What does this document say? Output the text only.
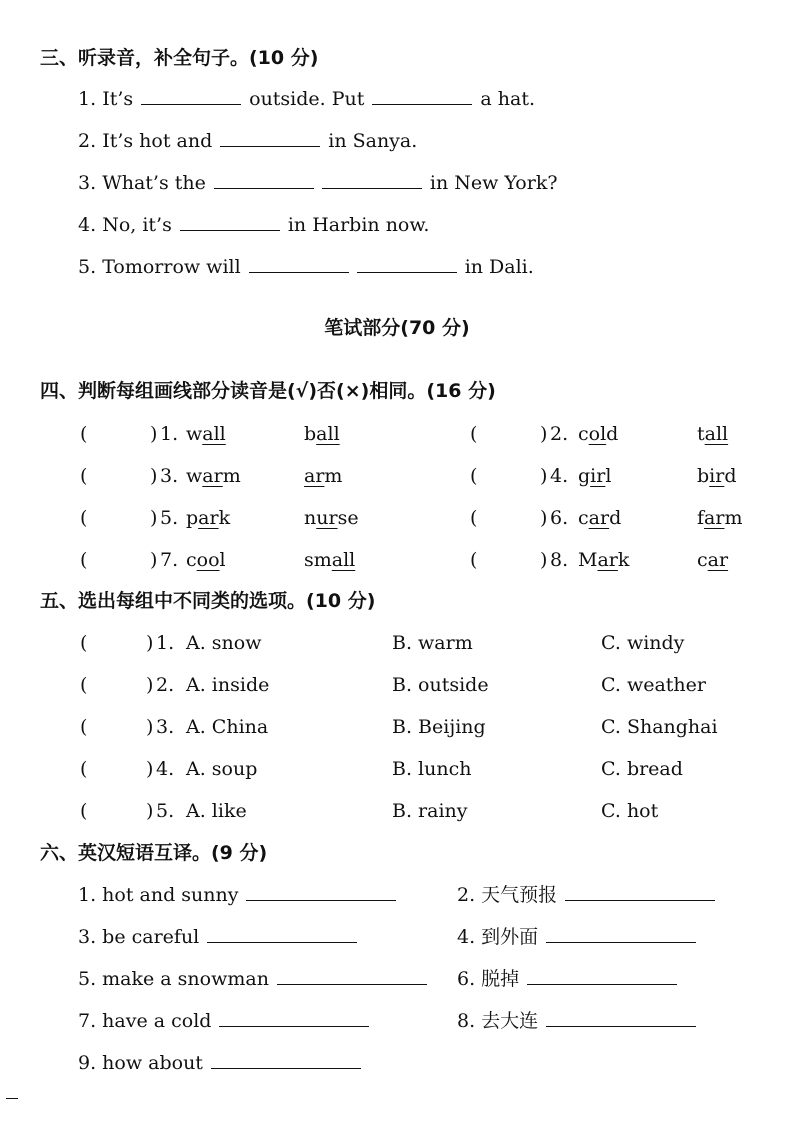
三、听录音，补全句子。(10 分)
1. It’s	outside. Put	a hat.
2. It’s hot and	in Sanya.
3. What’s the	in New York?
4. No, it’s	in Harbin now.
5. Tomorrow will	in Dali.
笔试部分(70 分)
四、判断每组画线部分读音是(√)否(×)相同。(16 分)
(	) 1. wall	ball	(	) 2. cold	tall
(	) 3. warm	arm	(	) 4. girl	bird
(	) 5. park	nurse	(	) 6. card	farm
(	) 7. cool	small	(	) 8. Mark	car
五、选出每组中不同类的选项。(10 分)
(	) 1. A. snow	B. warm	C. windy
(	) 2. A. inside	B. outside	C. weather
(	) 3. A. China	B. Beijing	C. Shanghai
(	) 4. A. soup	B. lunch	C. bread
(	) 5. A. like	B. rainy	C. hot
六、英汉短语互译。(9 分)
1. hot and sunny	2. 天气预报
3. be careful	4. 到外面
5. make a snowman	6. 脱掉
7. have a cold	8. 去大连
9. how about
